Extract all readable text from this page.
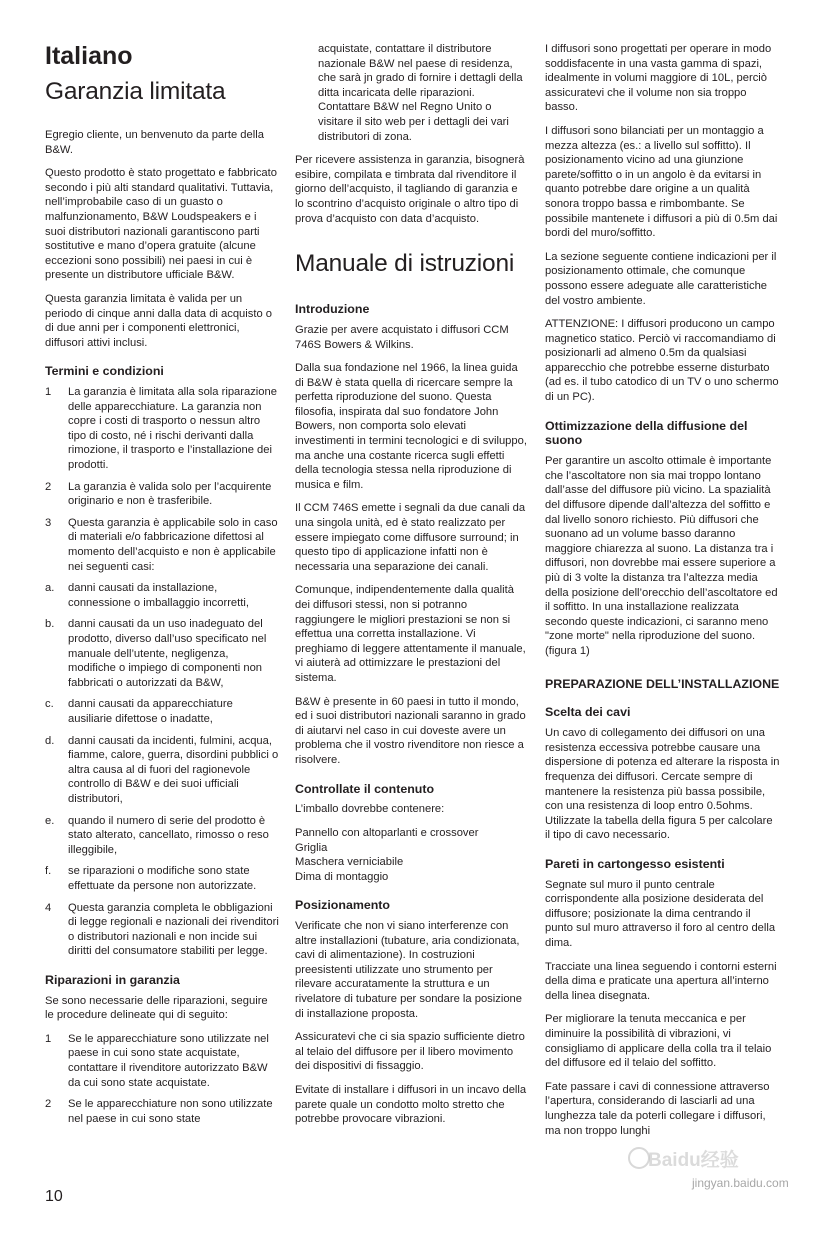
Italiano
Garanzia limitata

Egregio cliente, un benvenuto da parte della B&W.

Questo prodotto è stato progettato e fabbricato secondo i più alti standard qualitativi. Tuttavia, nell’improbabile caso di un guasto o malfunzionamento, B&W Loudspeakers e i suoi distributori nazionali garantiscono parti sostitutive e mano d’opera gratuite (alcune eccezioni sono possibili) nei paesi in cui è presente un distributore ufficiale B&W.

Questa garanzia limitata è valida per un periodo di cinque anni dalla data di acquisto o di due anni per i componenti elettronici, diffusori attivi inclusi.

Termini e condizioni
1 La garanzia è limitata alla sola riparazione delle apparecchiature. La garanzia non copre i costi di trasporto o nessun altro tipo di costo, né i rischi derivanti dalla rimozione, il trasporto e l’installazione dei prodotti.
2 La garanzia è valida solo per l’acquirente originario e non è trasferibile.
3 Questa garanzia è applicabile solo in caso di materiali e/o fabbricazione difettosi al momento dell’acquisto e non è applicabile nei seguenti casi:
a. danni causati da installazione, connessione o imballaggio incorretti,
b. danni causati da un uso inadeguato del prodotto, diverso dall’uso specificato nel manuale dell’utente, negligenza, modifiche o impiego di componenti non fabbricati o autorizzati da B&W,
c. danni causati da apparecchiature ausiliarie difettose o inadatte,
d. danni causati da incidenti, fulmini, acqua, fiamme, calore, guerra, disordini pubblici o altra causa al di fuori del ragionevole controllo di B&W e dei suoi ufficiali distributori,
e. quando il numero di serie del prodotto è stato alterato, cancellato, rimosso o reso illeggibile,
f. se riparazioni o modifiche sono state effettuate da persone non autorizzate.
4 Questa garanzia completa le obbligazioni di legge regionali e nazionali dei rivenditori o distributori nazionali e non incide sui diritti del consumatore stabiliti per legge.
Riparazioni in garanzia

Se sono necessarie delle riparazioni, seguire le procedure delineate qui di seguito:

1 Se le apparecchiature sono utilizzate nel paese in cui sono state acquistate, contattare il rivenditore autorizzato B&W da cui sono state acquistate.
2 Se le apparecchiature non sono utilizzate nel paese in cui sono state

acquistate, contattare il distributore nazionale B&W nel paese di residenza, che sarà jn grado di fornire i dettagli della ditta incaricata delle riparazioni. Contattare B&W nel Regno Unito o visitare il sito web per i dettagli dei vari distributori di zona.

Per ricevere assistenza in garanzia, bisognerà esibire, compilata e timbrata dal rivenditore il giorno dell’acquisto, il tagliando di garanzia e lo scontrino d’acquisto originale o altro tipo di prova d’acquisto con data d’acquisto.

Manuale di istruzioni
Introduzione

Grazie per avere acquistato i diffusori CCM 746S Bowers & Wilkins.

Dalla sua fondazione nel 1966, la linea guida di B&W è stata quella di ricercare sempre la perfetta riproduzione del suono. Questa filosofia, inspirata dal suo fondatore John Bowers, non comporta solo elevati investimenti in termini tecnologici e di sviluppo, ma anche una costante ricerca sugli effetti della tecnologia stessa nella riproduzione di musica e film.

Il CCM 746S emette i segnali da due canali da una singola unità, ed è stato realizzato per essere impiegato come diffusore surround; in questo tipo di applicazione infatti non è necessaria una separazione dei canali.

Comunque, indipendentemente dalla qualità dei diffusori stessi, non si potranno raggiungere le migliori prestazioni se non si effettua una corretta installazione. Vi preghiamo di leggere attentamente il manuale, vi aiuterà ad ottimizzare le prestazioni del sistema.

B&W è presente in 60 paesi in tutto il mondo, ed i suoi distributori nazionali saranno in grado di aiutarvi nel caso in cui doveste avere un problema che il vostro rivenditore non riesce a risolvere.

Controllate il contenuto

L’imballo dovrebbe contenere:

Pannello con altoparlanti e crossover
Griglia
Maschera verniciabile
Dima di montaggio
Posizionamento

Verificate che non vi siano interferenze con altre installazioni (tubature, aria condizionata, cavi di alimentazione). In costruzioni preesistenti utilizzate uno strumento per rilevare accuratamente la struttura e un rivelatore di tubature per sondare la posizione di installazione proposta.

Assicuratevi che ci sia spazio sufficiente dietro al telaio del diffusore per il libero movimento dei dispositivi di fissaggio.

Evitate di installare i diffusori in un incavo della parete quale un condotto molto stretto che potrebbe provocare vibrazioni.

I diffusori sono progettati per operare in modo soddisfacente in una vasta gamma di spazi, idealmente in volumi maggiore di 10L, perciò assicuratevi che il volume non sia troppo basso.

I diffusori sono bilanciati per un montaggio a mezza altezza (es.: a livello sul soffitto). Il posizionamento vicino ad una giunzione parete/soffitto o in un angolo è da evitarsi in quanto potrebbe dare origine a un qualità sonora troppo bassa e rimbombante. Se possibile mantenete i diffusori a più di 0.5m dai bordi del muro/soffitto.

La sezione seguente contiene indicazioni per il posizionamento ottimale, che comunque possono essere adeguate alle caratteristiche del vostro ambiente.

ATTENZIONE: I diffusori producono un campo magnetico statico. Perciò vi raccomandiamo di posizionarli ad almeno 0.5m da qualsiasi apparecchio che potrebbe esserne disturbato (ad es. il tubo catodico di un TV o uno schermo di un PC).

Ottimizzazione della diffusione del suono

Per garantire un ascolto ottimale è importante che l’ascoltatore non sia mai troppo lontano dall’asse del diffusore più vicino. La spazialità del diffusore dipende dall’altezza del soffitto e dal livello sonoro richiesto. Più diffusori che suonano ad un volume basso daranno maggiore chiarezza al suono. La distanza tra i diffusori, non dovrebbe mai essere superiore a più di 3 volte la distanza tra l’altezza media della posizione dell’orecchio dell’ascoltatore ed il soffitto. In una installazione realizzata secondo queste indicazioni, ci saranno meno "zone morte" nella riproduzione del suono. (figura 1)

PREPARAZIONE DELL’INSTALLAZIONE
Scelta dei cavi

Un cavo di collegamento dei diffusori on una resistenza eccessiva potrebbe causare una dispersione di potenza ed alterare la risposta in frequenza dei diffusori. Cercate sempre di mantenere la resistenza più bassa possibile, con una resistenza di loop entro 0.5ohms. Utilizzate la tabella della figura 5 per calcolare il tipo di cavo necessario.

Pareti in cartongesso esistenti

Segnate sul muro il punto centrale corrispondente alla posizione desiderata del diffusore; posizionate la dima centrando il punto sul muro attraverso il foro al centro della dima.

Tracciate una linea seguendo i contorni esterni della dima e praticate una apertura all’interno della linea disegnata.

Per migliorare la tenuta meccanica e per diminuire la possibilità di vibrazioni, vi consigliamo di applicare della colla tra il telaio del diffusore ed il telaio del soffitto.

Fate passare i cavi di connessione attraverso l’apertura, considerando di lasciarli ad una lunghezza tale da poterli collegare i diffusori, ma non troppo lunghi

10
Baidu经验
jingyan.baidu.com
